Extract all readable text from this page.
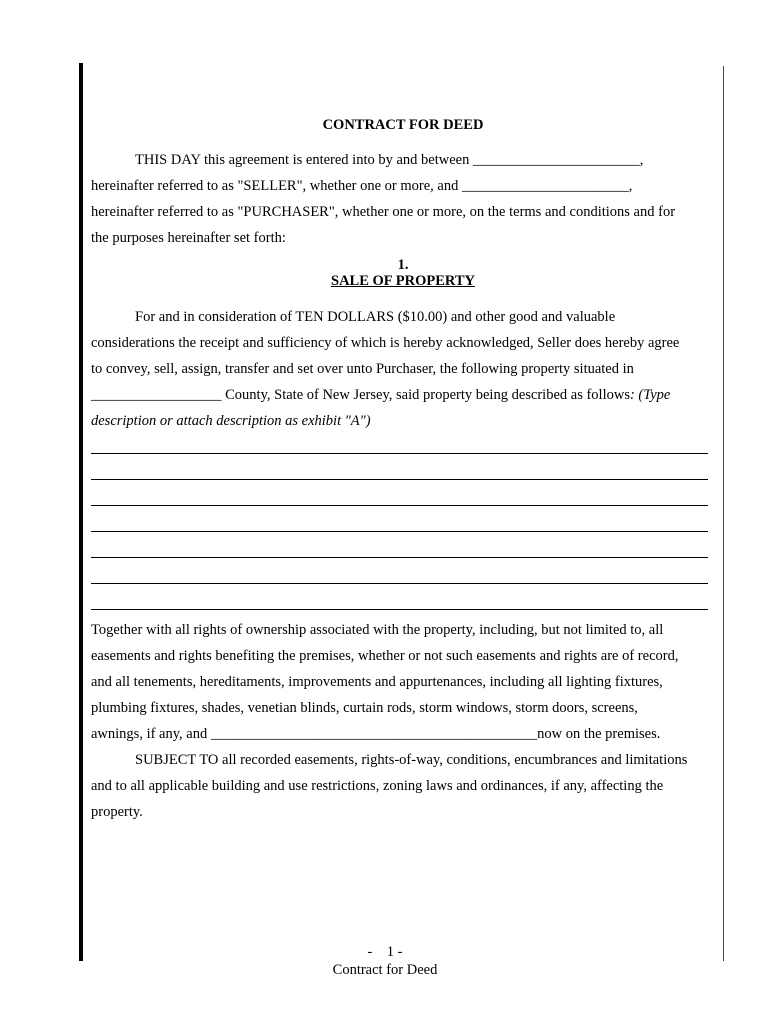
CONTRACT FOR DEED
THIS DAY this agreement is entered into by and between _______________________,
hereinafter referred to as "SELLER", whether one or more, and _______________________,
hereinafter referred to as "PURCHASER", whether one or more, on the terms and conditions and for
the purposes hereinafter set forth:
1.
SALE OF PROPERTY
For and in consideration of TEN DOLLARS ($10.00) and other good and valuable
considerations the receipt and sufficiency of which is hereby acknowledged, Seller does hereby agree
to convey, sell, assign, transfer and set over unto Purchaser, the following property situated in
__________________ County, State of New Jersey, said property being described as follows: (Type
description or attach description as exhibit "A")
Together with all rights of ownership associated with the property, including, but not limited to, all
easements and rights benefiting the premises, whether or not such easements and rights are of record,
and all tenements, hereditaments, improvements and appurtenances, including all lighting fixtures,
plumbing fixtures, shades, venetian blinds, curtain rods, storm windows, storm doors, screens,
awnings, if any, and _____________________________________________now on the premises.
SUBJECT TO all recorded easements, rights-of-way, conditions, encumbrances and limitations
and to all applicable building and use restrictions, zoning laws and ordinances, if any, affecting the
property.
-    1 -
Contract for Deed
